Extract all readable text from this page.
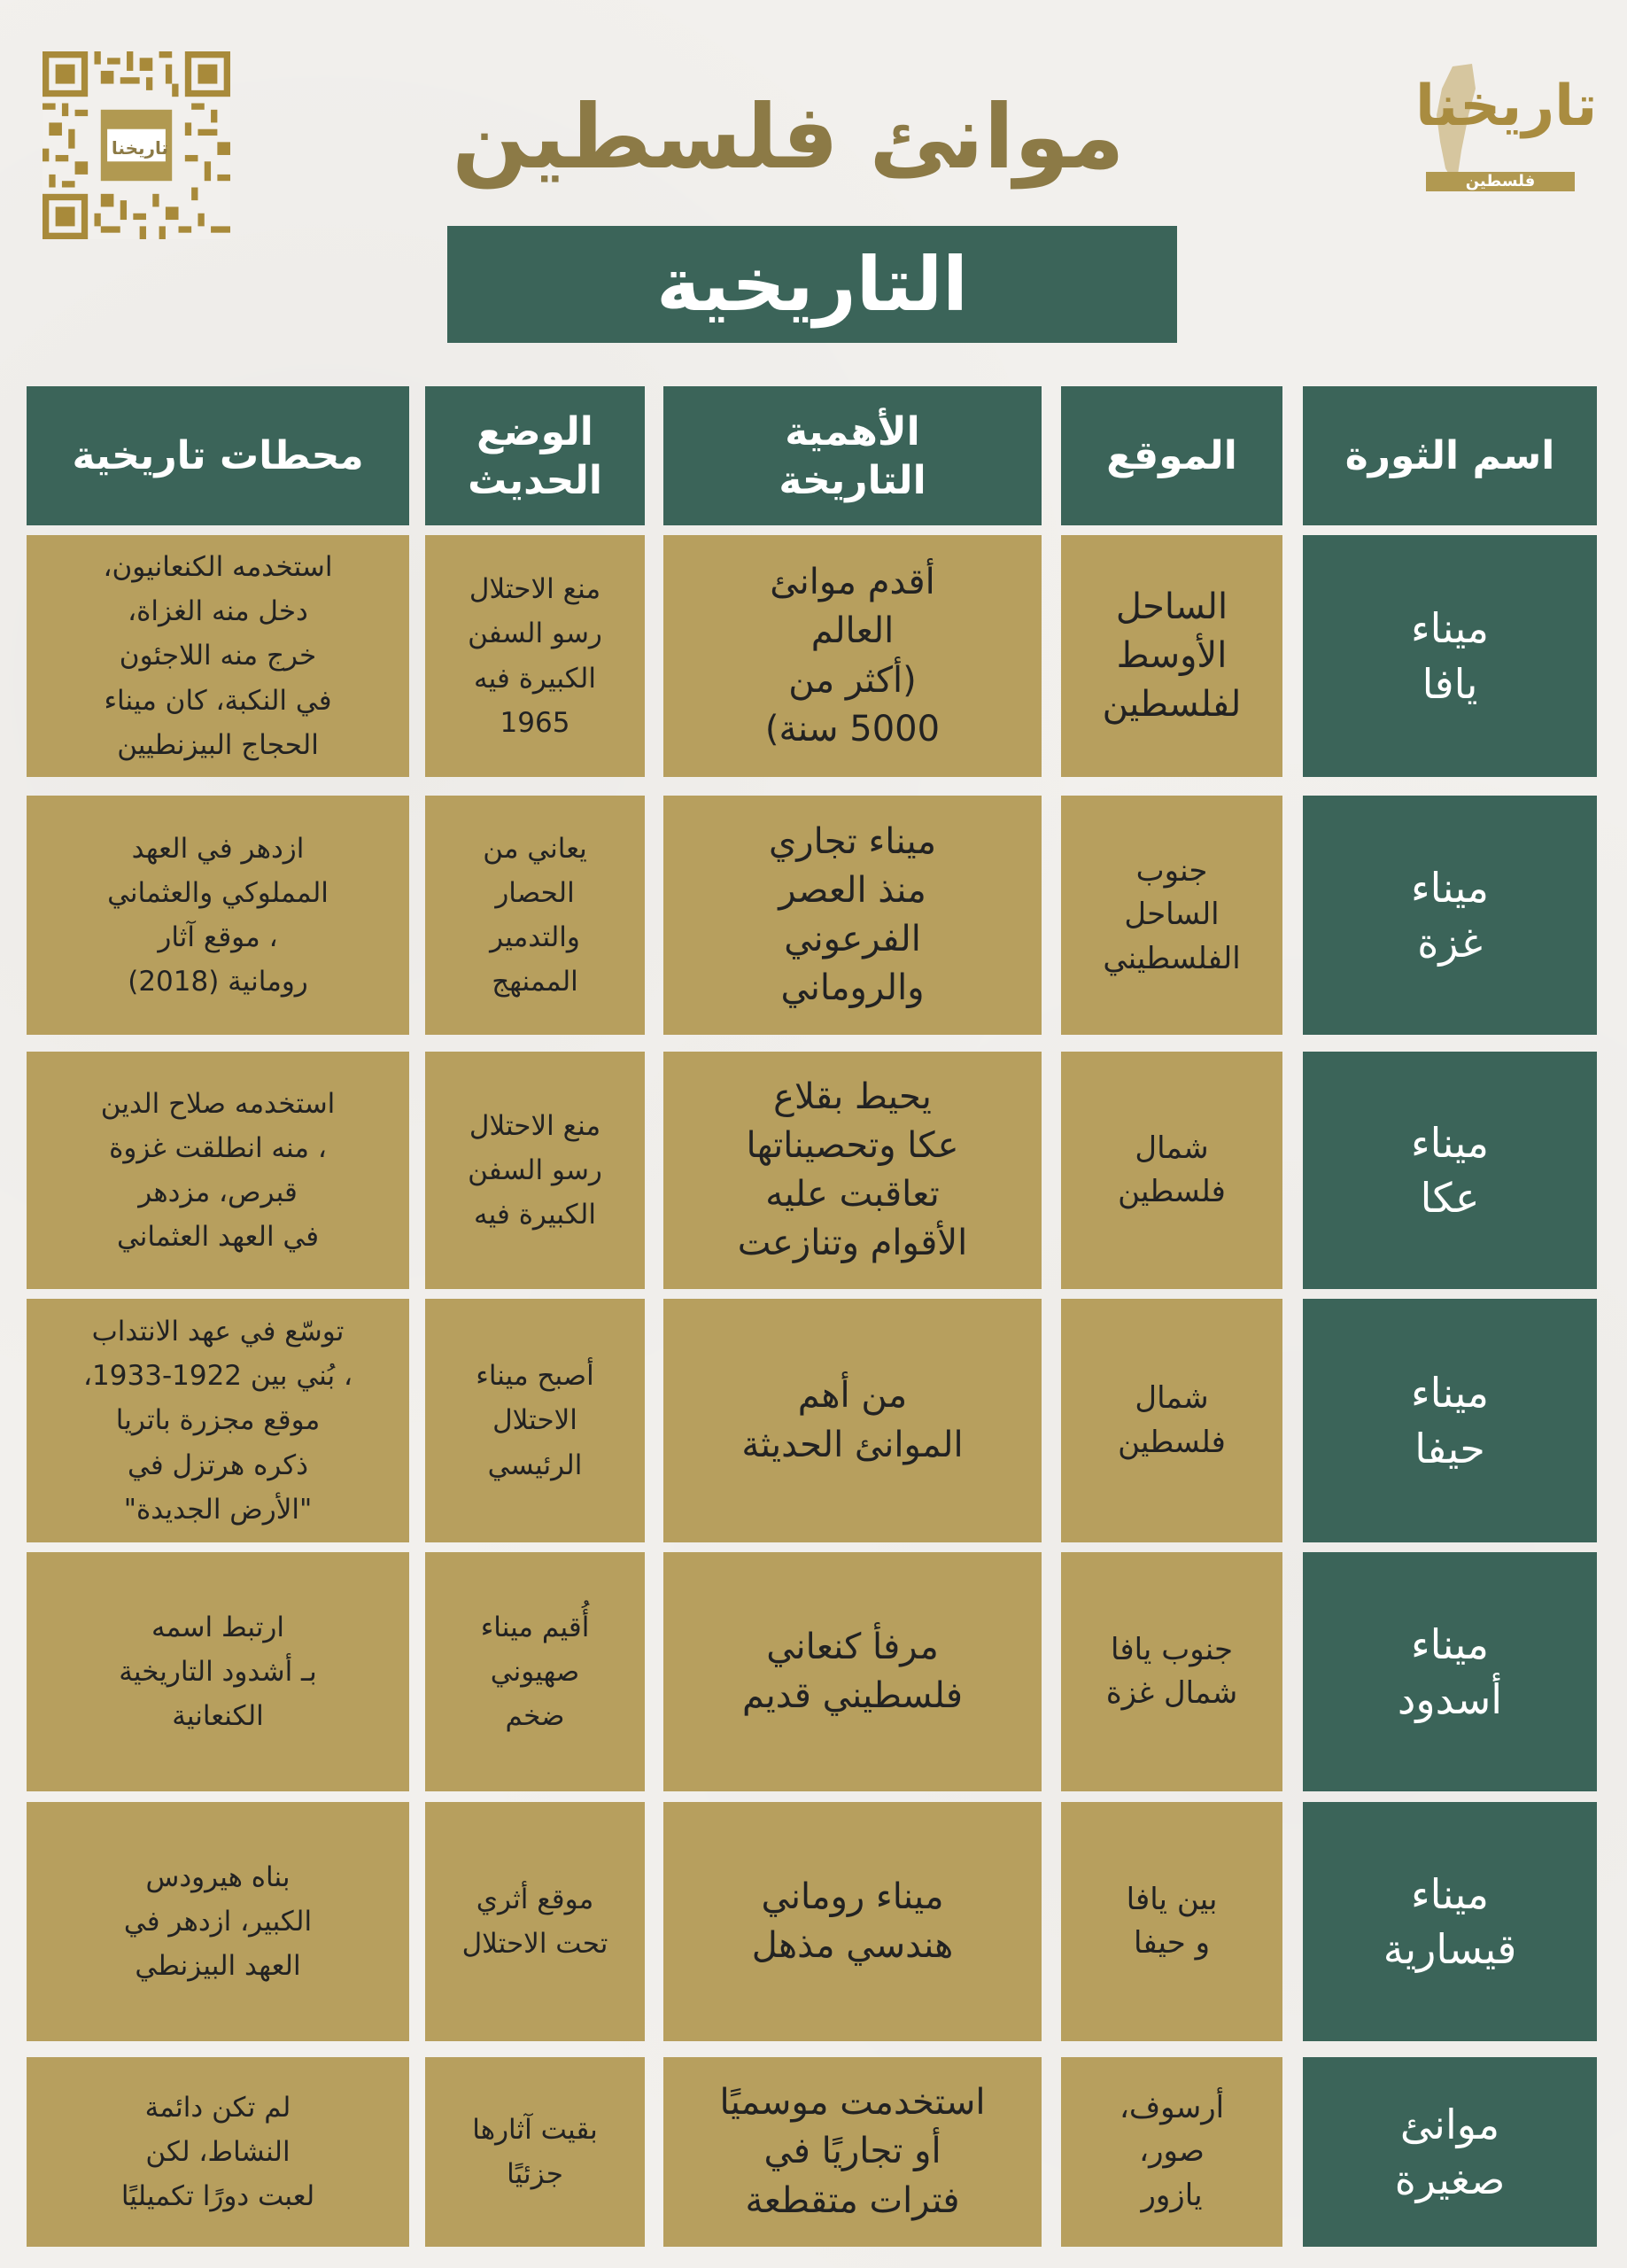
تاريخنا
تاريخنا
فلسطين
موانئ فلسطين
التاريخية
اسم الثورة
الموقع
الأهمية
التاريخة
الوضع
الحديث
محطات تاريخية
ميناء
يافا
الساحل
الأوسط
لفلسطين
أقدم موانئ
العالم
(أكثر من
5000 سنة)
منع الاحتلال
رسو السفن
الكبيرة فيه
1965
استخدمه الكنعانيون،
دخل منه الغزاة،
خرج منه اللاجئون
في النكبة، كان ميناء
الحجاج البيزنطيين
ميناء
غزة
جنوب
الساحل
الفلسطيني
ميناء تجاري
منذ العصر
الفرعوني
والروماني
يعاني من
الحصار
والتدمير
الممنهج
ازدهر في العهد
المملوكي والعثماني
، موقع آثار
رومانية (2018)
ميناء
عكا
شمال
فلسطين
يحيط بقلاع
عكا وتحصيناتها
تعاقبت عليه
الأقوام وتنازعت
منع الاحتلال
رسو السفن
الكبيرة فيه
استخدمه صلاح الدين
، منه انطلقت غزوة
قبرص، مزدهر
في العهد العثماني
ميناء
حيفا
شمال
فلسطين
من أهم
الموانئ الحديثة
أصبح ميناء
الاحتلال
الرئيسي
توسّع في عهد الانتداب
، بُني بين 1922-1933،
موقع مجزرة باتريا
ذكره هرتزل في
"الأرض الجديدة"
ميناء
أسدود
جنوب يافا
شمال غزة
مرفأ كنعاني
فلسطيني قديم
أُقيم ميناء
صهيوني
ضخم
ارتبط اسمه
بـ أشدود التاريخية
الكنعانية
ميناء
قيسارية
بين يافا
و حيفا
ميناء روماني
هندسي مذهل
موقع أثري
تحت الاحتلال
بناه هيرودس
الكبير، ازدهر في
العهد البيزنطي
موانئ
صغيرة
أرسوف،
صور،
يازور
استخدمت موسميًا
أو تجاريًا في
فترات متقطعة
بقيت آثارها
جزئيًا
لم تكن دائمة
النشاط، لكن
لعبت دورًا تكميليًا
